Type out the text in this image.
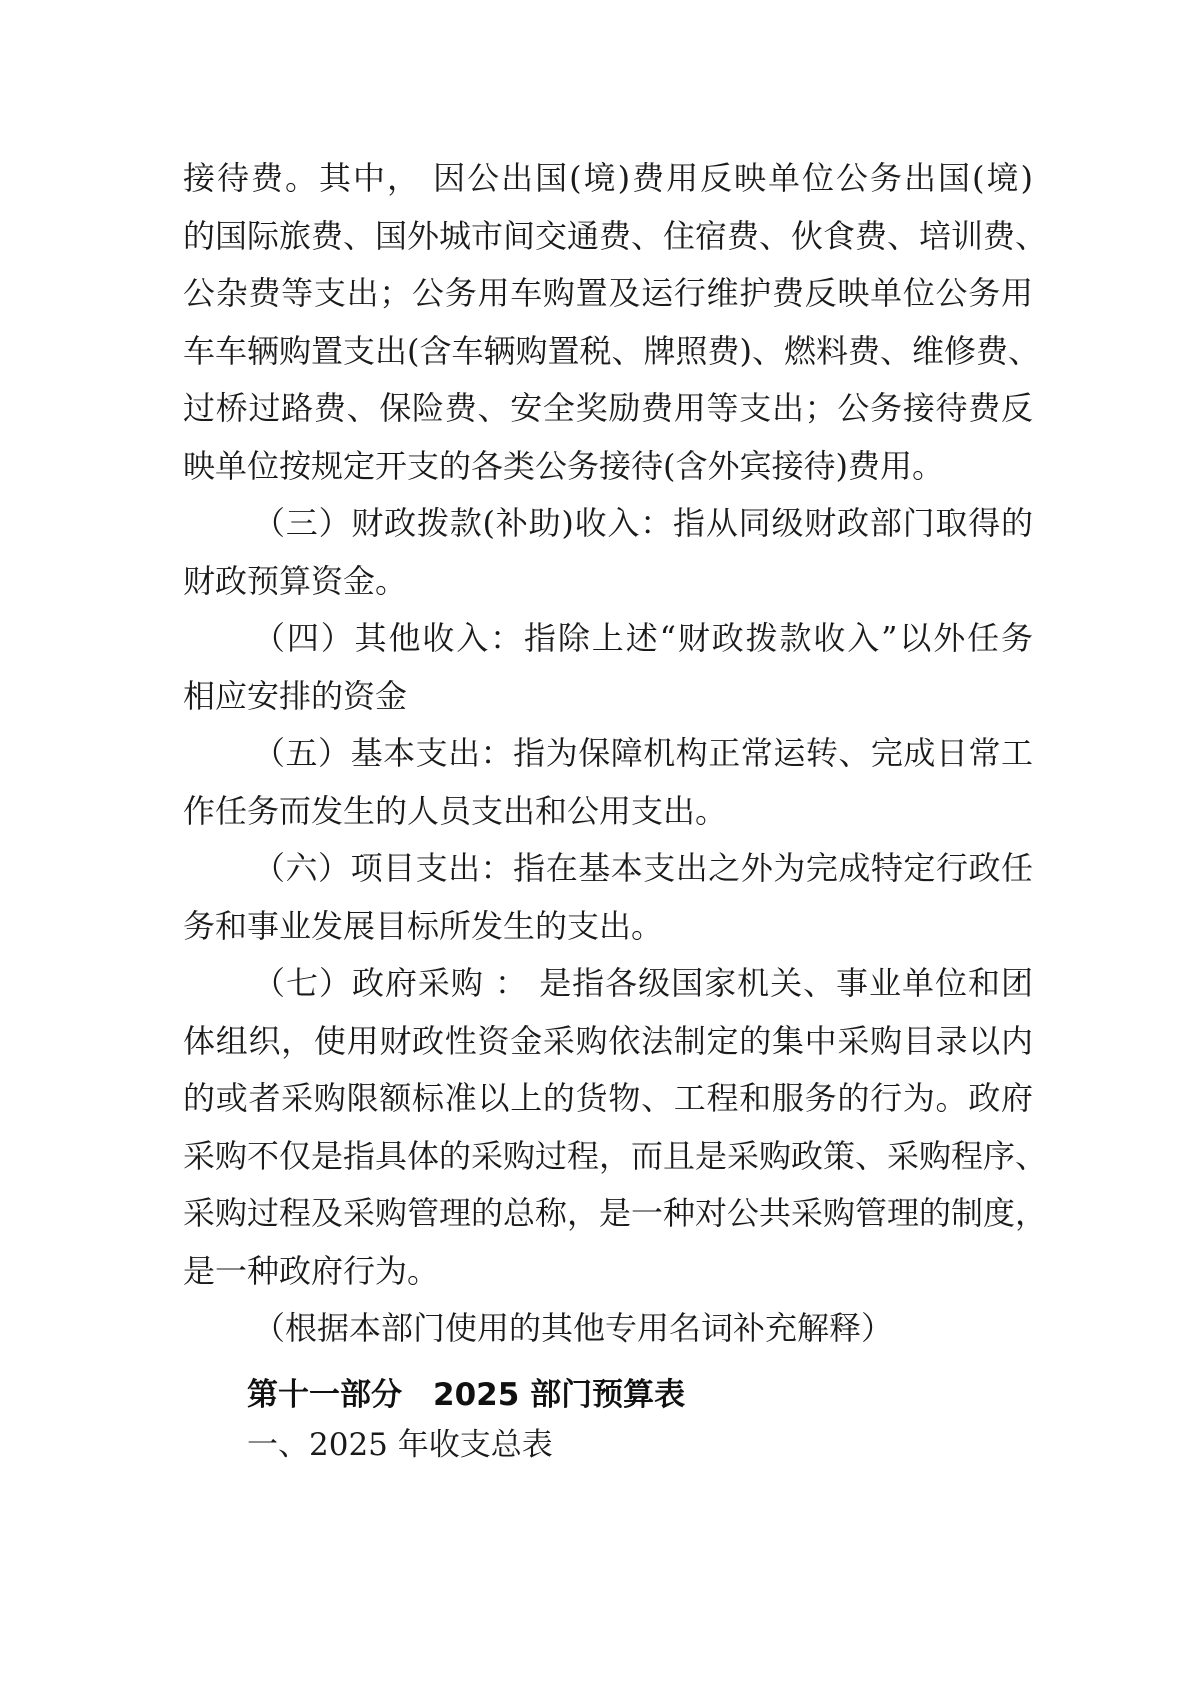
接待费。其中， 因公出国(境)费用反映单位公务出国(境)
的国际旅费、国外城市间交通费、住宿费、伙食费、培训费、
公杂费等支出；公务用车购置及运行维护费反映单位公务用
车车辆购置支出(含车辆购置税、牌照费)、燃料费、维修费、
过桥过路费、保险费、安全奖励费用等支出；公务接待费反
映单位按规定开支的各类公务接待(含外宾接待)费用。
（三）财政拨款(补助)收入：指从同级财政部门取得的
财政预算资金。
（四）其他收入：指除上述“财政拨款收入”以外任务
相应安排的资金
（五）基本支出：指为保障机构正常运转、完成日常工
作任务而发生的人员支出和公用支出。
（六）项目支出：指在基本支出之外为完成特定行政任
务和事业发展目标所发生的支出。
（七）政府采购 ： 是指各级国家机关、事业单位和团
体组织，使用财政性资金采购依法制定的集中采购目录以内
的或者采购限额标准以上的货物、工程和服务的行为。政府
采购不仅是指具体的采购过程，而且是采购政策、采购程序、
采购过程及采购管理的总称，是一种对公共采购管理的制度，
是一种政府行为。
（根据本部门使用的其他专用名词补充解释）
第十一部分　2025 部门预算表
一、2025 年收支总表
